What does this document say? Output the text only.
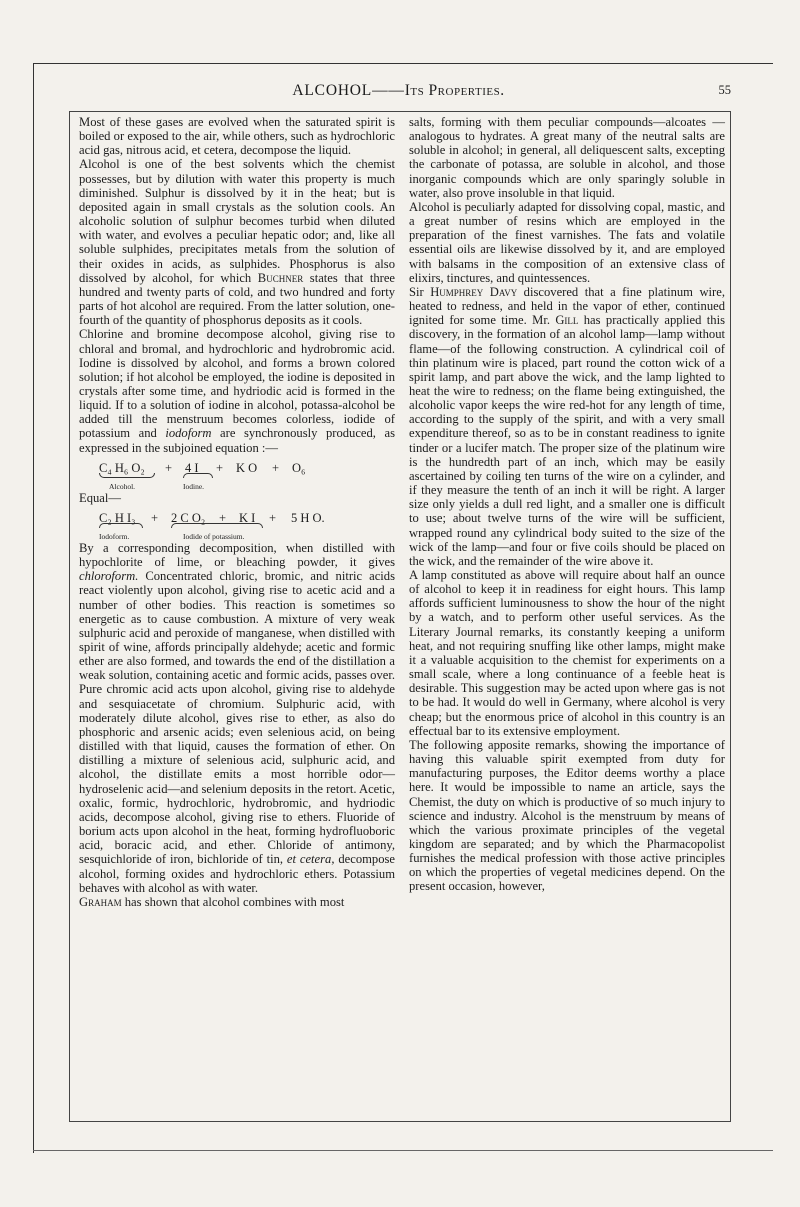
ALCOHOL——Its Properties.	55

Most of these gases are evolved when the saturated spirit is boiled or exposed to the air, while others, such as hydrochloric acid gas, nitrous acid, et cetera, decompose the liquid.

Alcohol is one of the best solvents which the chemist possesses, but by dilution with water this property is much diminished. Sulphur is dissolved by it in the heat; but is deposited again in small crystals as the solution cools. An alcoholic solution of sulphur becomes turbid when diluted with water, and evolves a peculiar hepatic odor; and, like all soluble sulphides, precipitates metals from the solution of their oxides in acids, as sulphides. Phosphorus is also dissolved by alcohol, for which Buchner states that three hundred and twenty parts of cold, and two hundred and forty parts of hot alcohol are required. From the latter solution, one-fourth of the quantity of phosphorus deposits as it cools.

Chlorine and bromine decompose alcohol, giving rise to chloral and bromal, and hydrochloric and hydrobromic acid. Iodine is dissolved by alcohol, and forms a brown colored solution; if hot alcohol be employed, the iodine is deposited in crystals after some time, and hydriodic acid is formed in the liquid. If to a solution of iodine in alcohol, potassa-alcohol be added till the menstruum becomes colorless, iodide of potassium and iodoform are synchronously produced, as expressed in the subjoined equation :—

C₄ H₆ O₂ + 4 I + K O + O₆
Alcohol.	Iodine.

Equal—

C₂ H I₃ + 2 C O₂ + K I + 5 H O.
Iodoform.	Iodide of potassium.

By a corresponding decomposition, when distilled with hypochlorite of lime, or bleaching powder, it gives chloroform. Concentrated chloric, bromic, and nitric acids react violently upon alcohol, giving rise to acetic acid and a number of other bodies. This reaction is sometimes so energetic as to cause combustion. A mixture of very weak sulphuric acid and peroxide of manganese, when distilled with spirit of wine, affords principally aldehyde; acetic and formic ether are also formed, and towards the end of the distillation a weak solution, containing acetic and formic acids, passes over. Pure chromic acid acts upon alcohol, giving rise to aldehyde and sesquiacetate of chromium. Sulphuric acid, with moderately dilute alcohol, gives rise to ether, as also do phosphoric and arsenic acids; even selenious acid, on being distilled with that liquid, causes the formation of ether. On distilling a mixture of selenious acid, sulphuric acid, and alcohol, the distillate emits a most horrible odor—hydroselenic acid—and selenium deposits in the retort. Acetic, oxalic, formic, hydrochloric, hydrobromic, and hydriodic acids, decompose alcohol, giving rise to ethers. Fluoride of borium acts upon alcohol in the heat, forming hydrofluoboric acid, boracic acid, and ether. Chloride of antimony, sesquichloride of iron, bichloride of tin, et cetera, decompose alcohol, forming oxides and hydrochloric ethers. Potassium behaves with alcohol as with water.

Graham has shown that alcohol combines with most

salts, forming with them peculiar compounds—alcoates —analogous to hydrates. A great many of the neutral salts are soluble in alcohol; in general, all deliquescent salts, excepting the carbonate of potassa, are soluble in alcohol, and those inorganic compounds which are only sparingly soluble in water, also prove insoluble in that liquid.

Alcohol is peculiarly adapted for dissolving copal, mastic, and a great number of resins which are employed in the preparation of the finest varnishes. The fats and volatile essential oils are likewise dissolved by it, and are employed with balsams in the composition of an extensive class of elixirs, tinctures, and quintessences.

Sir Humphrey Davy discovered that a fine platinum wire, heated to redness, and held in the vapor of ether, continued ignited for some time. Mr. Gill has practically applied this discovery, in the formation of an alcohol lamp—lamp without flame—of the following construction. A cylindrical coil of thin platinum wire is placed, part round the cotton wick of a spirit lamp, and part above the wick, and the lamp lighted to heat the wire to redness; on the flame being extinguished, the alcoholic vapor keeps the wire red-hot for any length of time, according to the supply of the spirit, and with a very small expenditure thereof, so as to be in constant readiness to ignite tinder or a lucifer match. The proper size of the platinum wire is the hundredth part of an inch, which may be easily ascertained by coiling ten turns of the wire on a cylinder, and if they measure the tenth of an inch it will be right. A larger size only yields a dull red light, and a smaller one is difficult to use; about twelve turns of the wire will be sufficient, wrapped round any cylindrical body suited to the size of the wick of the lamp—and four or five coils should be placed on the wick, and the remainder of the wire above it.

A lamp constituted as above will require about half an ounce of alcohol to keep it in readiness for eight hours. This lamp affords sufficient luminousness to show the hour of the night by a watch, and to perform other useful services. As the Literary Journal remarks, its constantly keeping a uniform heat, and not requiring snuffing like other lamps, might make it a valuable acquisition to the chemist for experiments on a small scale, where a long continuance of a feeble heat is desirable. This suggestion may be acted upon where gas is not to be had. It would do well in Germany, where alcohol is very cheap; but the enormous price of alcohol in this country is an effectual bar to its extensive employment.

The following apposite remarks, showing the importance of having this valuable spirit exempted from duty for manufacturing purposes, the Editor deems worthy a place here. It would be impossible to name an article, says the Chemist, the duty on which is productive of so much injury to science and industry. Alcohol is the menstruum by means of which the various proximate principles of the vegetal kingdom are separated; and by which the Pharmacopolist furnishes the medical profession with those active principles on which the properties of vegetal medicines depend. On the present occasion, however,
